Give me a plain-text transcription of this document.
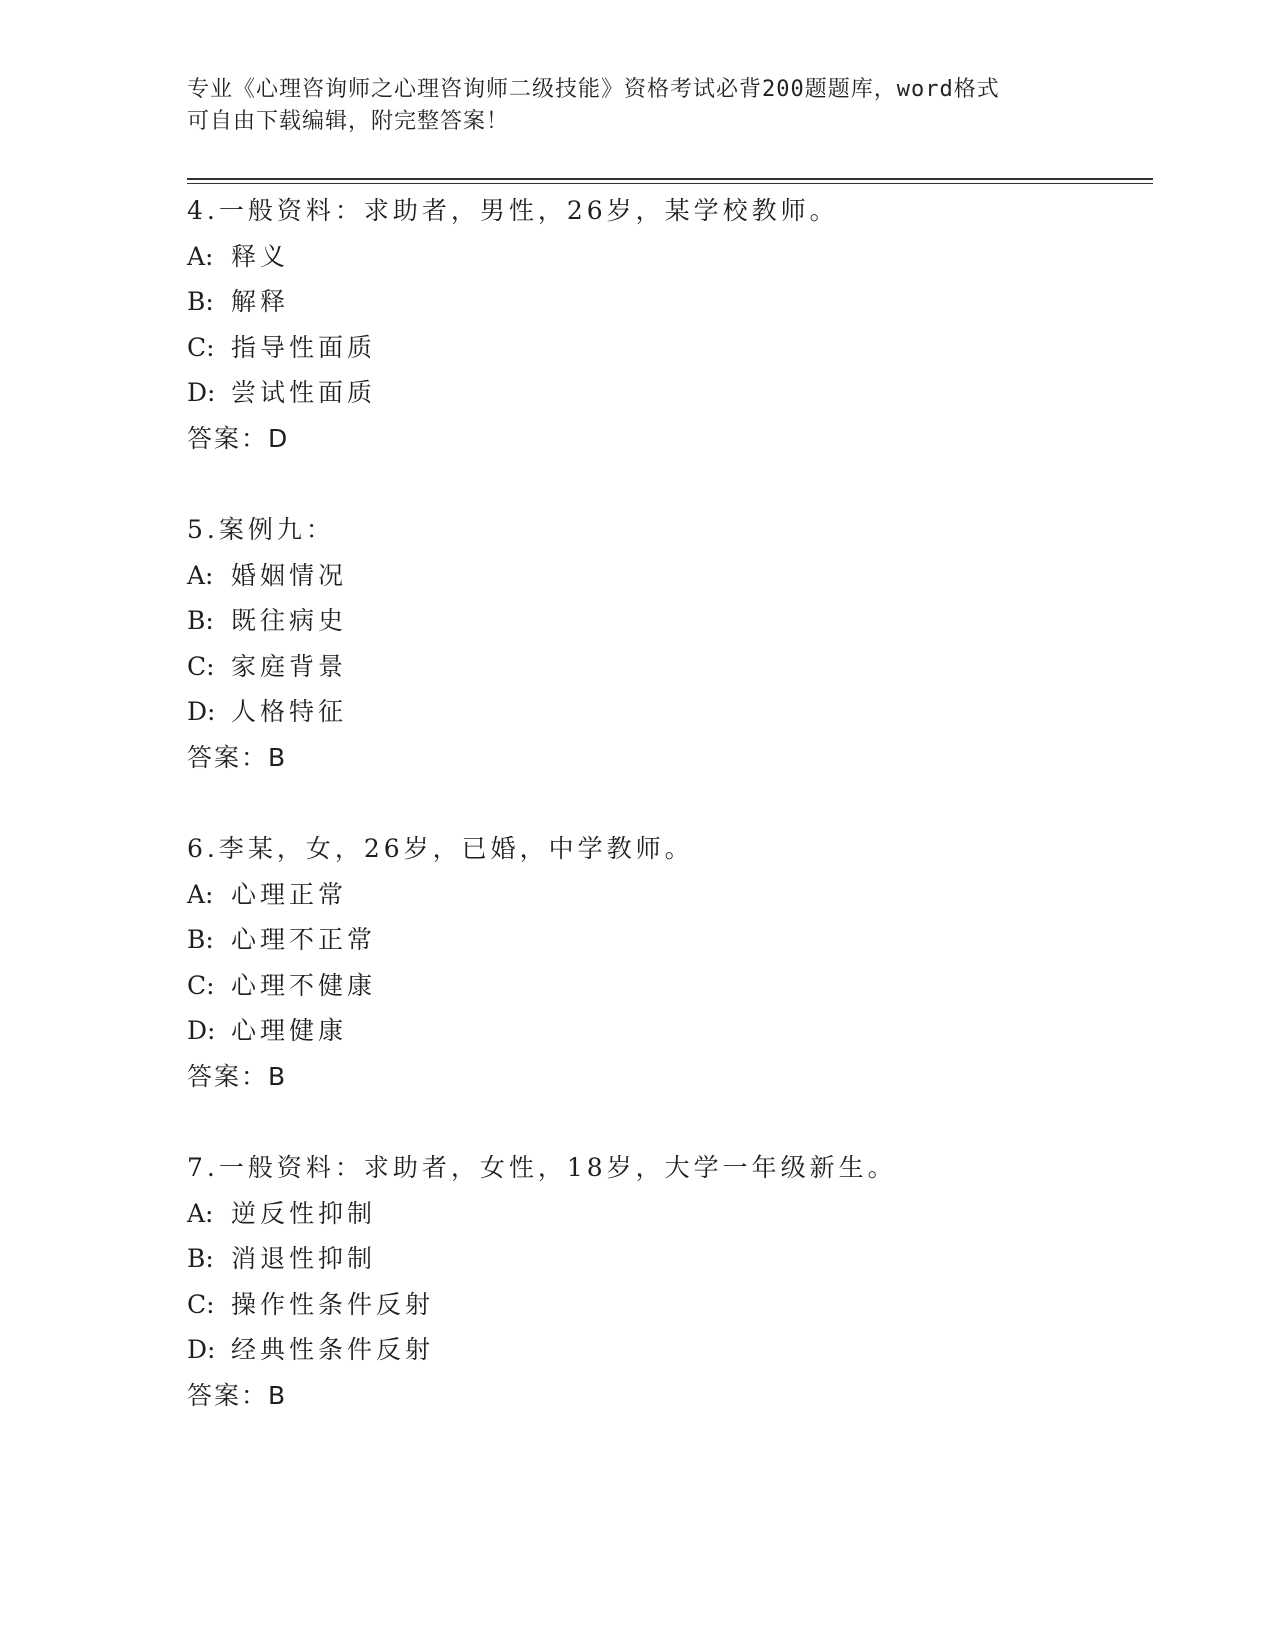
专业《心理咨询师之心理咨询师二级技能》资格考试必背200题题库，word格式
可自由下载编辑，附完整答案！
4.一般资料：求助者，男性，26岁，某学校教师。
A: 释义
B: 解释
C: 指导性面质
D: 尝试性面质
答案：D
5.案例九：
A: 婚姻情况
B: 既往病史
C: 家庭背景
D: 人格特征
答案：B
6.李某，女，26岁，已婚，中学教师。
A: 心理正常
B: 心理不正常
C: 心理不健康
D: 心理健康
答案：B
7.一般资料：求助者，女性，18岁，大学一年级新生。
A: 逆反性抑制
B: 消退性抑制
C: 操作性条件反射
D: 经典性条件反射
答案：B
